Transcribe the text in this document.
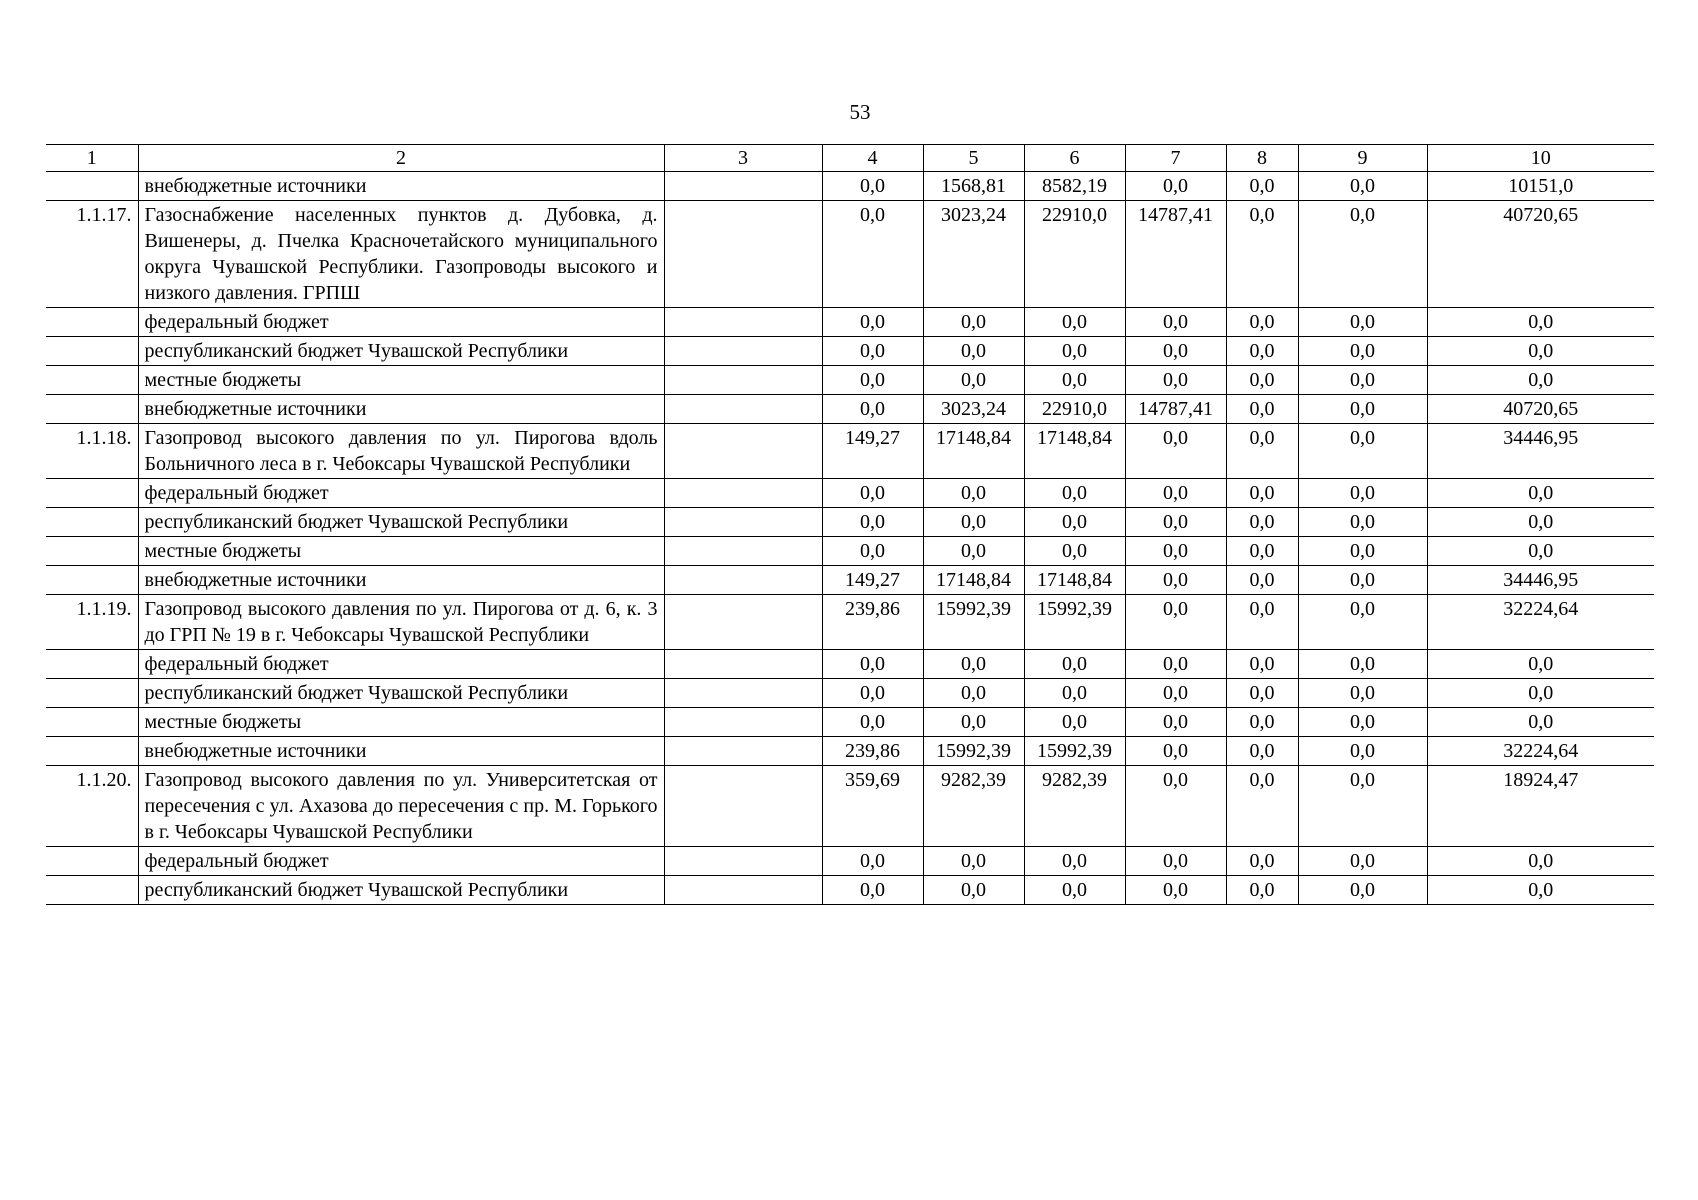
53
1	2	3	4	5	6	7	8	9	10
	внебюджетные источники		0,0	1568,81	8582,19	0,0	0,0	0,0	10151,0
1.1.17.	Газоснабжение населенных пунктов д. Дубовка, д. Вишенеры, д. Пчелка Красночетайского муниципального округа Чувашской Республики. Газопроводы высокого и низкого давления. ГРПШ		0,0	3023,24	22910,0	14787,41	0,0	0,0	40720,65
	федеральный бюджет		0,0	0,0	0,0	0,0	0,0	0,0	0,0
	республиканский бюджет Чувашской Республики		0,0	0,0	0,0	0,0	0,0	0,0	0,0
	местные бюджеты		0,0	0,0	0,0	0,0	0,0	0,0	0,0
	внебюджетные источники		0,0	3023,24	22910,0	14787,41	0,0	0,0	40720,65
1.1.18.	Газопровод высокого давления по ул. Пирогова вдоль Больничного леса в г. Чебоксары Чувашской Республики		149,27	17148,84	17148,84	0,0	0,0	0,0	34446,95
	федеральный бюджет		0,0	0,0	0,0	0,0	0,0	0,0	0,0
	республиканский бюджет Чувашской Республики		0,0	0,0	0,0	0,0	0,0	0,0	0,0
	местные бюджеты		0,0	0,0	0,0	0,0	0,0	0,0	0,0
	внебюджетные источники		149,27	17148,84	17148,84	0,0	0,0	0,0	34446,95
1.1.19.	Газопровод высокого давления по ул. Пирогова от д. 6, к. 3 до ГРП № 19 в г. Чебоксары Чувашской Республики		239,86	15992,39	15992,39	0,0	0,0	0,0	32224,64
	федеральный бюджет		0,0	0,0	0,0	0,0	0,0	0,0	0,0
	республиканский бюджет Чувашской Республики		0,0	0,0	0,0	0,0	0,0	0,0	0,0
	местные бюджеты		0,0	0,0	0,0	0,0	0,0	0,0	0,0
	внебюджетные источники		239,86	15992,39	15992,39	0,0	0,0	0,0	32224,64
1.1.20.	Газопровод высокого давления по ул. Университетская от пересечения с ул. Ахазова до пересечения с пр. М. Горького в г. Чебоксары Чувашской Республики		359,69	9282,39	9282,39	0,0	0,0	0,0	18924,47
	федеральный бюджет		0,0	0,0	0,0	0,0	0,0	0,0	0,0
	республиканский бюджет Чувашской Республики		0,0	0,0	0,0	0,0	0,0	0,0	0,0
